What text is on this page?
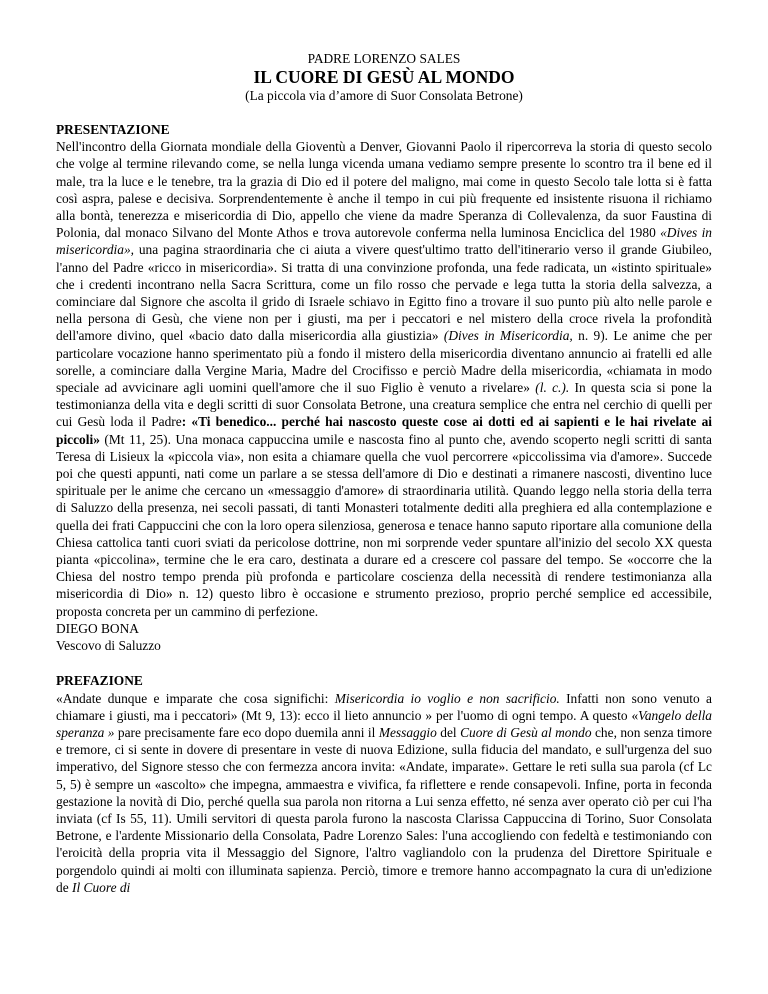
PADRE LORENZO SALES
IL CUORE DI GESÙ AL MONDO
(La piccola via d’amore di Suor Consolata Betrone)
PRESENTAZIONE
Nell'incontro della Giornata mondiale della Gioventù a Denver, Giovanni Paolo il ripercorreva la storia di questo secolo che volge al termine rilevando come, se nella lunga vicenda umana vediamo sempre presente lo scontro tra il bene ed il male, tra la luce e le tenebre, tra la grazia di Dio ed il potere del maligno, mai come in questo Secolo tale lotta si è fatta così aspra, palese e decisiva. Sorprendentemente è anche il tempo in cui più frequente ed insistente risuona il richiamo alla bontà, tenerezza e misericordia di Dio, appello che viene da madre Speranza di Collevalenza, da suor Faustina di Polonia, dal monaco Silvano del Monte Athos e trova autorevole conferma nella luminosa Enciclica del 1980 «Dives in misericordia», una pagina straordinaria che ci aiuta a vivere quest'ultimo tratto dell'itinerario verso il grande Giubileo, l'anno del Padre «ricco in misericordia». Si tratta di una convinzione profonda, una fede radicata, un «istinto spirituale» che i credenti incontrano nella Sacra Scrittura, come un filo rosso che pervade e lega tutta la storia della salvezza, a cominciare dal Signore che ascolta il grido di Israele schiavo in Egitto fino a trovare il suo punto più alto nelle parole e nella persona di Gesù, che viene non per i giusti, ma per i peccatori e nel mistero della croce rivela la profondità dell'amore divino, quel «bacio dato dalla misericordia alla giustizia» (Dives in Misericordia, n. 9). Le anime che per particolare vocazione hanno sperimentato più a fondo il mistero della misericordia diventano annuncio ai fratelli ed alle sorelle, a cominciare dalla Vergine Maria, Madre del Crocifisso e perciò Madre della misericordia, «chiamata in modo speciale ad avvicinare agli uomini quell'amore che il suo Figlio è venuto a rivelare» (l. c.). In questa scia si pone la testimonianza della vita e degli scritti di suor Consolata Betrone, una creatura semplice che entra nel cerchio di quelli per cui Gesù loda il Padre: «Ti benedico... perché hai nascosto queste cose ai dotti ed ai sapienti e le hai rivelate ai piccoli» (Mt 11, 25). Una monaca cappuccina umile e nascosta fino al punto che, avendo scoperto negli scritti di santa Teresa di Lisieux la «piccola via», non esita a chiamare quella che vuol percorrere «piccolissima via d'amore». Succede poi che questi appunti, nati come un parlare a se stessa dell'amore di Dio e destinati a rimanere nascosti, diventino luce spirituale per le anime che cercano un «messaggio d'amore» di straordinaria utilità. Quando leggo nella storia della terra di Saluzzo della presenza, nei secoli passati, di tanti Monasteri totalmente dediti alla preghiera ed alla contemplazione e quella dei frati Cappuccini che con la loro opera silenziosa, generosa e tenace hanno saputo riportare alla comunione della Chiesa cattolica tanti cuori sviati da pericolose dottrine, non mi sorprende veder spuntare all'inizio del secolo XX questa pianta «piccolina», termine che le era caro, destinata a durare ed a crescere col passare del tempo. Se «occorre che la Chiesa del nostro tempo prenda più profonda e particolare coscienza della necessità di rendere testimonianza alla misericordia di Dio» n. 12) questo libro è occasione e strumento prezioso, proprio perché semplice ed accessibile, proposta concreta per un cammino di perfezione.
DIEGO BONA
Vescovo di Saluzzo
PREFAZIONE
«Andate dunque e imparate che cosa significhi: Misericordia io voglio e non sacrificio. Infatti non sono venuto a chiamare i giusti, ma i peccatori» (Mt 9, 13): ecco il lieto annuncio » per l'uomo di ogni tempo. A questo «Vangelo della speranza » pare precisamente fare eco dopo duemila anni il Messaggio del Cuore di Gesù al mondo che, non senza timore e tremore, ci si sente in dovere di presentare in veste di nuova Edizione, sulla fiducia del mandato, e sull'urgenza del suo imperativo, del Signore stesso che con fermezza ancora invita: «Andate, imparate». Gettare le reti sulla sua parola (cf Lc 5, 5) è sempre un «ascolto» che impegna, ammaestra e vivifica, fa riflettere e rende consapevoli. Infine, porta in feconda gestazione la novità di Dio, perché quella sua parola non ritorna a Lui senza effetto, né senza aver operato ciò per cui l'ha inviata (cf Is 55, 11). Umili servitori di questa parola furono la nascosta Clarissa Cappuccina di Torino, Suor Consolata Betrone, e l'ardente Missionario della Consolata, Padre Lorenzo Sales: l'una accogliendo con fedeltà e testimoniando con l'eroicità della propria vita il Messaggio del Signore, l'altro vagliandolo con la prudenza del Direttore Spirituale e porgendolo quindi ai molti con illuminata sapienza. Perciò, timore e tremore hanno accompagnato la cura di un'edizione de Il Cuore di
